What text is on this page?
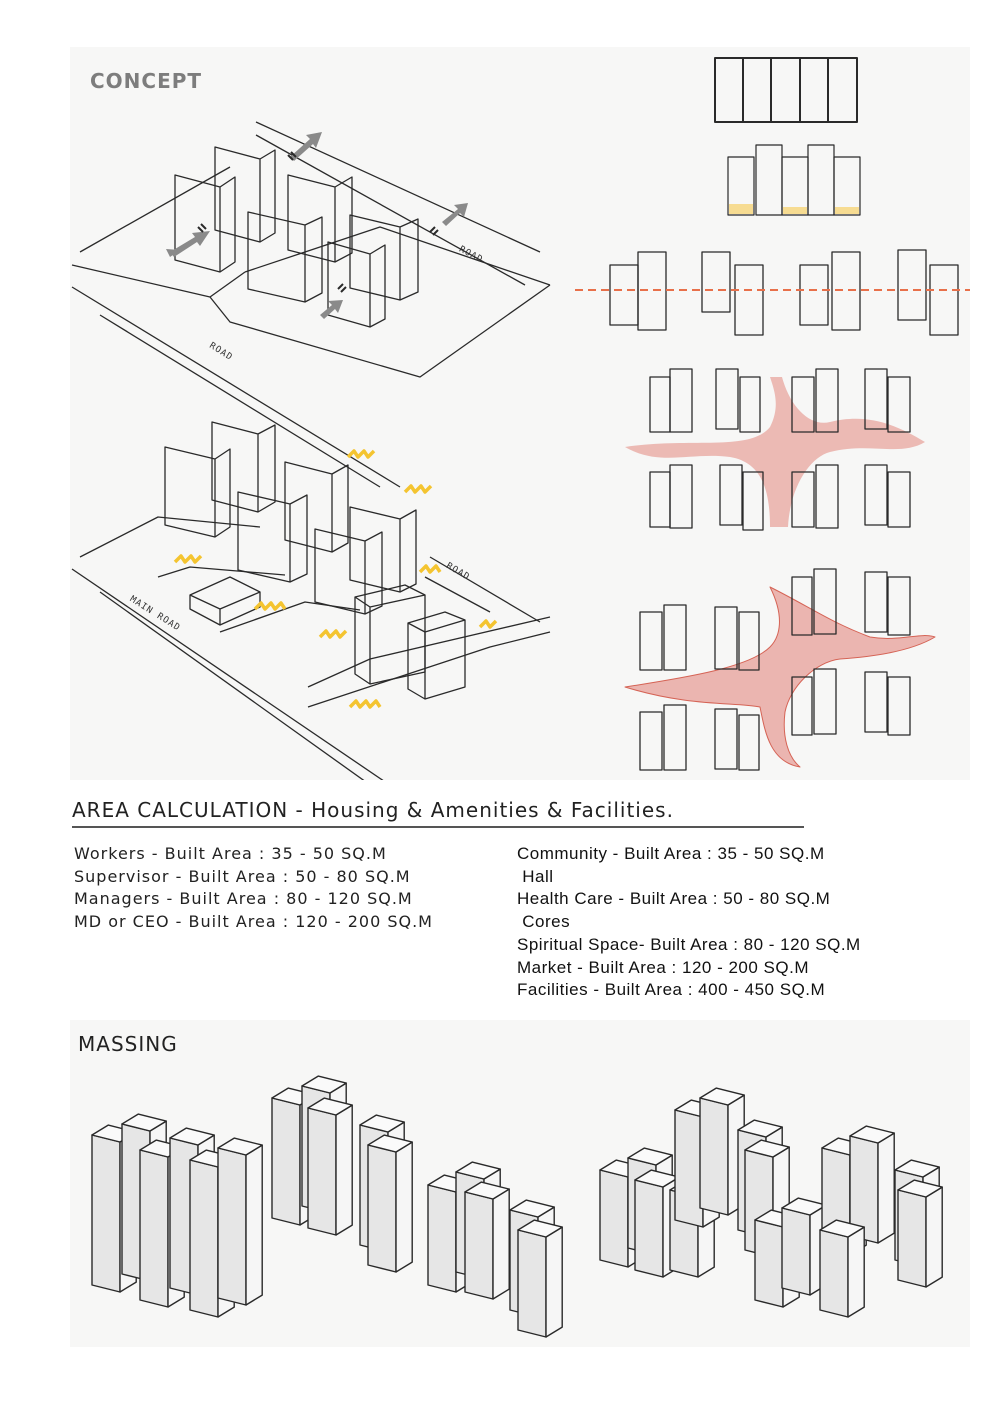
CONCEPT
ROAD
ROAD
MAIN ROAD
ROAD
AREA CALCULATION - Housing & Amenities & Facilities.
Workers - Built Area : 35 - 50 SQ.M
Supervisor - Built Area : 50 - 80 SQ.M
Managers - Built Area : 80 - 120 SQ.M
MD or CEO - Built Area : 120 - 200 SQ.M
Community - Built Area : 35 - 50 SQ.M
Hall
Health Care - Built Area : 50 - 80 SQ.M
Cores
Spiritual Space- Built Area : 80 - 120 SQ.M
Market - Built Area : 120 - 200 SQ.M
Facilities - Built Area : 400 - 450 SQ.M
MASSING
